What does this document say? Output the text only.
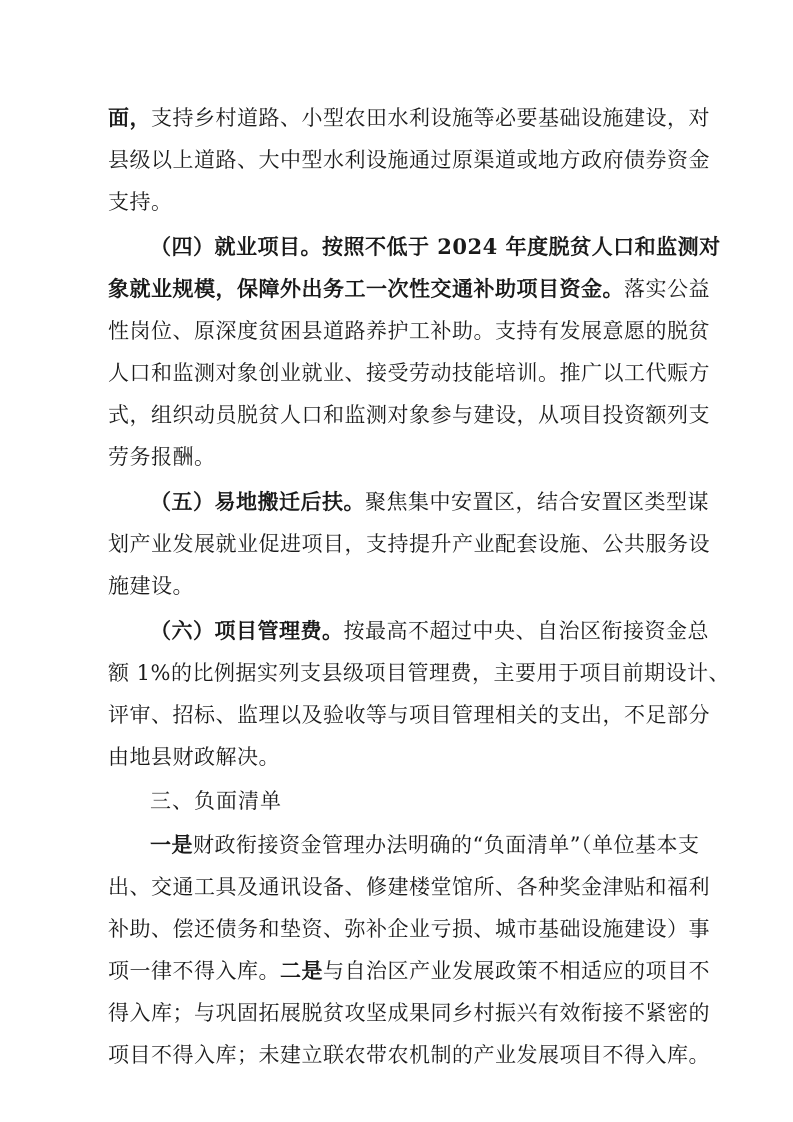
面，支持乡村道路、小型农田水利设施等必要基础设施建设，对
县级以上道路、大中型水利设施通过原渠道或地方政府债券资金
支持。
（四）就业项目。按照不低于 2024 年度脱贫人口和监测对
象就业规模，保障外出务工一次性交通补助项目资金。落实公益
性岗位、原深度贫困县道路养护工补助。支持有发展意愿的脱贫
人口和监测对象创业就业、接受劳动技能培训。推广以工代赈方
式，组织动员脱贫人口和监测对象参与建设，从项目投资额列支
劳务报酬。
（五）易地搬迁后扶。聚焦集中安置区，结合安置区类型谋
划产业发展就业促进项目，支持提升产业配套设施、公共服务设
施建设。
（六）项目管理费。按最高不超过中央、自治区衔接资金总
额 1%的比例据实列支县级项目管理费，主要用于项目前期设计、
评审、招标、监理以及验收等与项目管理相关的支出，不足部分
由地县财政解决。
三、负面清单
一是财政衔接资金管理办法明确的“负面清单”（单位基本支
出、交通工具及通讯设备、修建楼堂馆所、各种奖金津贴和福利
补助、偿还债务和垫资、弥补企业亏损、城市基础设施建设）事
项一律不得入库。二是与自治区产业发展政策不相适应的项目不
得入库；与巩固拓展脱贫攻坚成果同乡村振兴有效衔接不紧密的
项目不得入库；未建立联农带农机制的产业发展项目不得入库。
